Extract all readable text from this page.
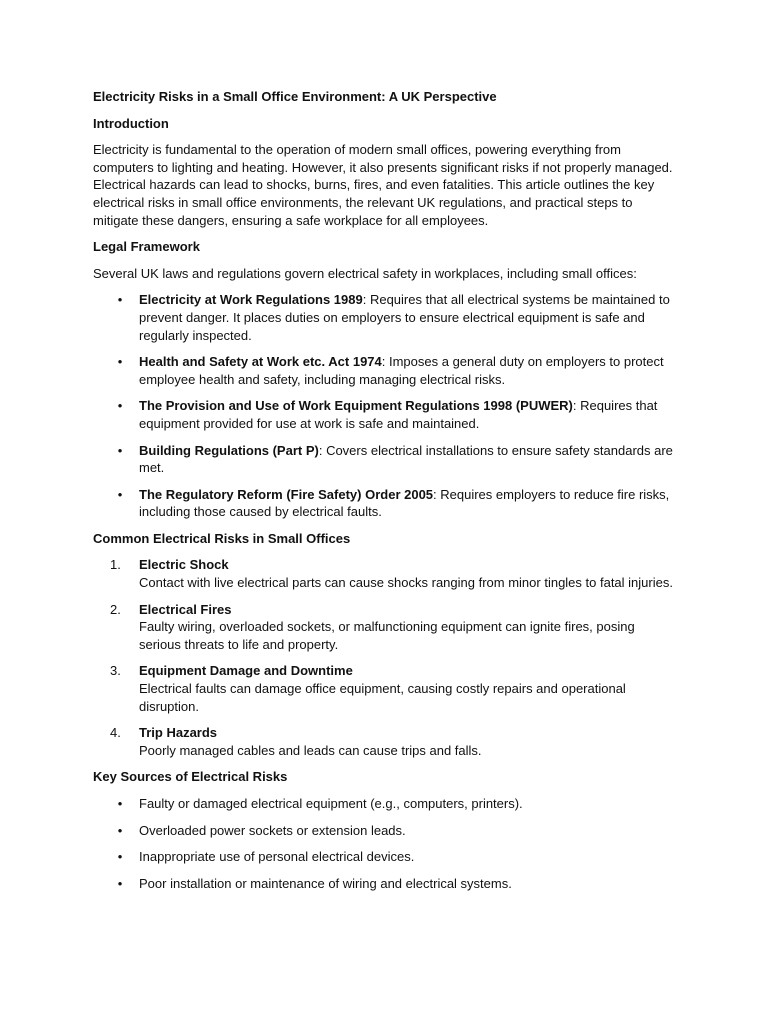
Electricity Risks in a Small Office Environment: A UK Perspective
Introduction
Electricity is fundamental to the operation of modern small offices, powering everything from computers to lighting and heating. However, it also presents significant risks if not properly managed. Electrical hazards can lead to shocks, burns, fires, and even fatalities. This article outlines the key electrical risks in small office environments, the relevant UK regulations, and practical steps to mitigate these dangers, ensuring a safe workplace for all employees.
Legal Framework
Several UK laws and regulations govern electrical safety in workplaces, including small offices:
• Electricity at Work Regulations 1989: Requires that all electrical systems be maintained to prevent danger. It places duties on employers to ensure electrical equipment is safe and regularly inspected.
• Health and Safety at Work etc. Act 1974: Imposes a general duty on employers to protect employee health and safety, including managing electrical risks.
• The Provision and Use of Work Equipment Regulations 1998 (PUWER): Requires that equipment provided for use at work is safe and maintained.
• Building Regulations (Part P): Covers electrical installations to ensure safety standards are met.
• The Regulatory Reform (Fire Safety) Order 2005: Requires employers to reduce fire risks, including those caused by electrical faults.
Common Electrical Risks in Small Offices
1.	Electric Shock
Contact with live electrical parts can cause shocks ranging from minor tingles to fatal injuries.
2.	Electrical Fires
Faulty wiring, overloaded sockets, or malfunctioning equipment can ignite fires, posing serious threats to life and property.
3.	Equipment Damage and Downtime
Electrical faults can damage office equipment, causing costly repairs and operational disruption.
4.	Trip Hazards
Poorly managed cables and leads can cause trips and falls.
Key Sources of Electrical Risks
• Faulty or damaged electrical equipment (e.g., computers, printers).
• Overloaded power sockets or extension leads.
• Inappropriate use of personal electrical devices.
• Poor installation or maintenance of wiring and electrical systems.
